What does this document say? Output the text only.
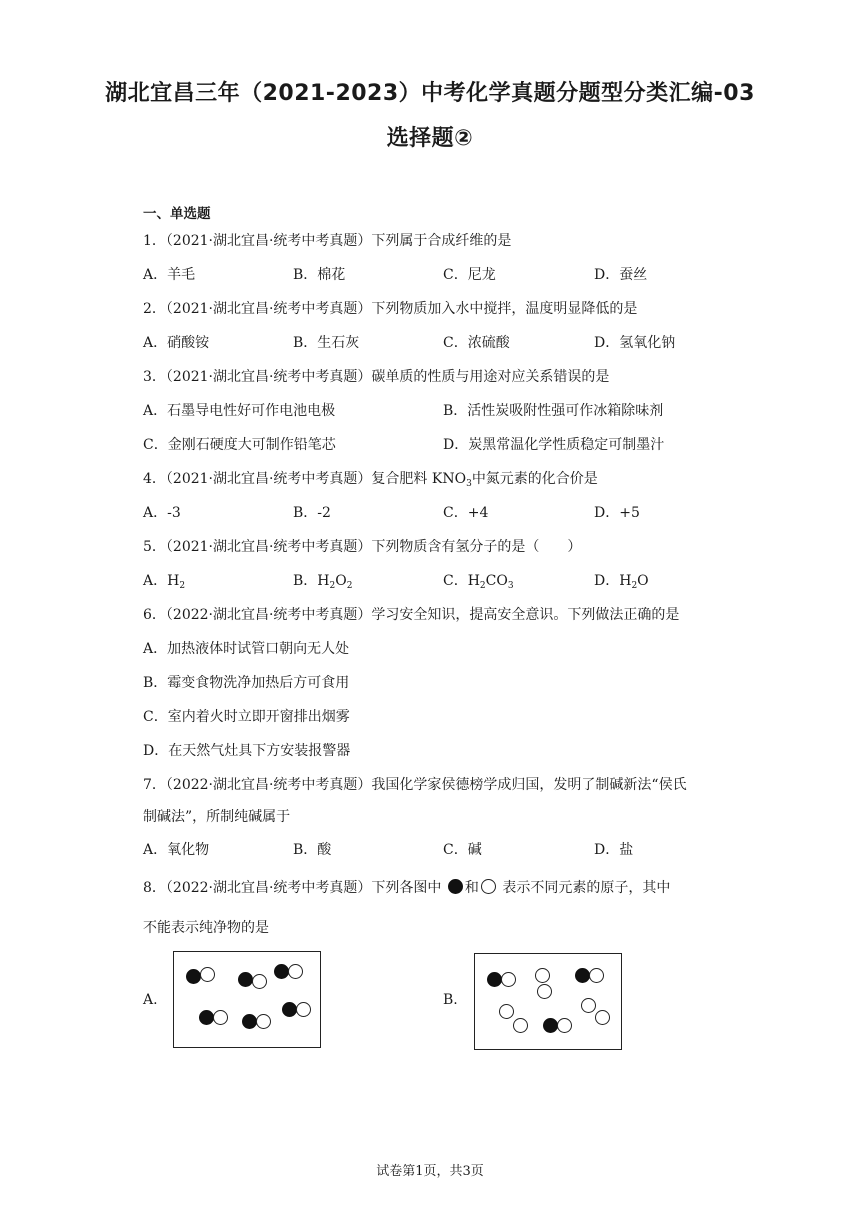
湖北宜昌三年（2021-2023）中考化学真题分题型分类汇编-03
选择题②
一、单选题
1．（2021·湖北宜昌·统考中考真题）下列属于合成纤维的是
A．羊毛	B．棉花	C．尼龙	D．蚕丝
2．（2021·湖北宜昌·统考中考真题）下列物质加入水中搅拌，温度明显降低的是
A．硝酸铵	B．生石灰	C．浓硫酸	D．氢氧化钠
3．（2021·湖北宜昌·统考中考真题）碳单质的性质与用途对应关系错误的是
A．石墨导电性好可作电池电极	B．活性炭吸附性强可作冰箱除味剂
C．金刚石硬度大可制作铅笔芯	D．炭黑常温化学性质稳定可制墨汁
4．（2021·湖北宜昌·统考中考真题）复合肥料 $KNO_3$中氮元素的化合价是
A．-3	B．-2	C．+4	D．+5
5．（2021·湖北宜昌·统考中考真题）下列物质含有氢分子的是（　　）
A．$H_2$	B．$H_2O_2$	C．$H_2CO_3$	D．$H_2O$
6．（2022·湖北宜昌·统考中考真题）学习安全知识，提高安全意识。下列做法正确的是
A．加热液体时试管口朝向无人处
B．霉变食物洗净加热后方可食用
C．室内着火时立即开窗排出烟雾
D．在天然气灶具下方安装报警器
7．（2022·湖北宜昌·统考中考真题）我国化学家侯德榜学成归国，发明了制碱新法“侯氏
制碱法”，所制纯碱属于
A．氧化物	B．酸	C．碱	D．盐
8．（2022·湖北宜昌·统考中考真题）下列各图中 和 表示不同元素的原子，其中
不能表示纯净物的是
A.	B.
试卷第1页，共3页
